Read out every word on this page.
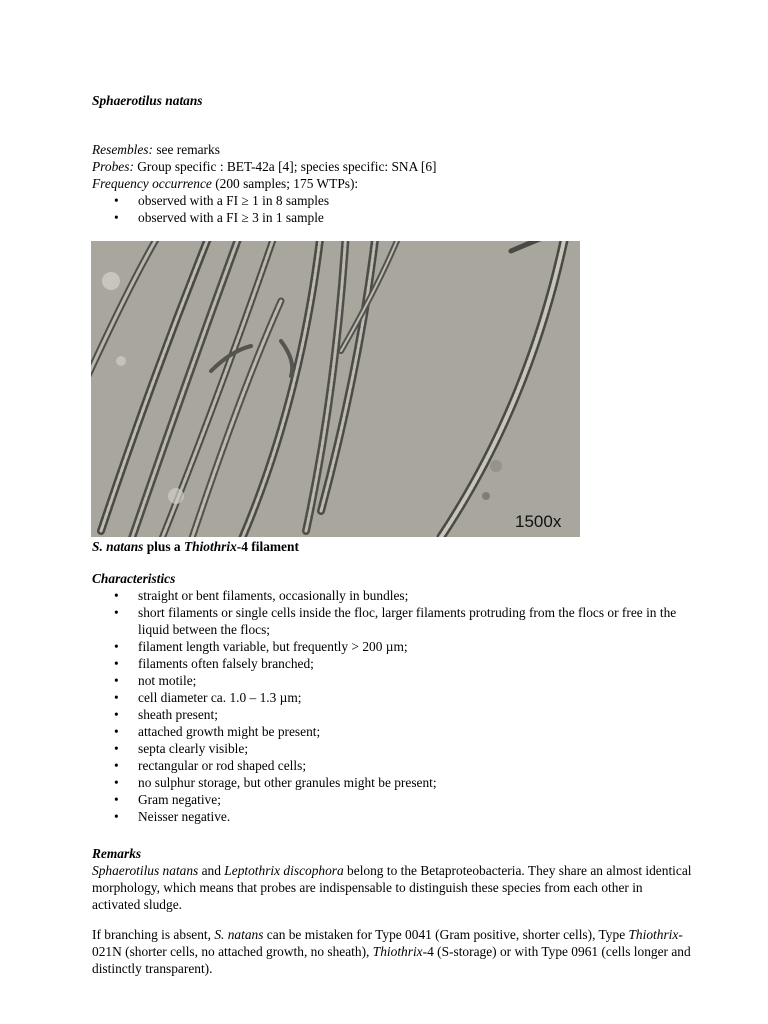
Sphaerotilus natans

Resembles: see remarks

Probes: Group specific : BET-42a [4]; species specific: SNA [6]

Frequency occurrence (200 samples; 175 WTPs):

• observed with a FI ≥ 1 in 8 samples
• observed with a FI ≥ 3 in 1 sample
1500x
S. natans plus a Thiothrix-4 filament

Characteristics

• straight or bent filaments, occasionally in bundles;
• short filaments or single cells inside the floc, larger filaments protruding from the flocs or free in the liquid between the flocs;
• filament length variable, but frequently > 200 µm;
• filaments often falsely branched;
• not motile;
• cell diameter ca. 1.0 – 1.3 µm;
• sheath present;
• attached growth might be present;
• septa clearly visible;
• rectangular or rod shaped cells;
• no sulphur storage, but other granules might be present;
• Gram negative;
• Neisser negative.

Remarks

Sphaerotilus natans and Leptothrix discophora belong to the Betaproteobacteria. They share an almost identical morphology, which means that probes are indispensable to distinguish these species from each other in activated sludge.

If branching is absent, S. natans can be mistaken for Type 0041 (Gram positive, shorter cells), Type Thiothrix-021N (shorter cells, no attached growth, no sheath), Thiothrix-4 (S-storage) or with Type 0961 (cells longer and distinctly transparent).
